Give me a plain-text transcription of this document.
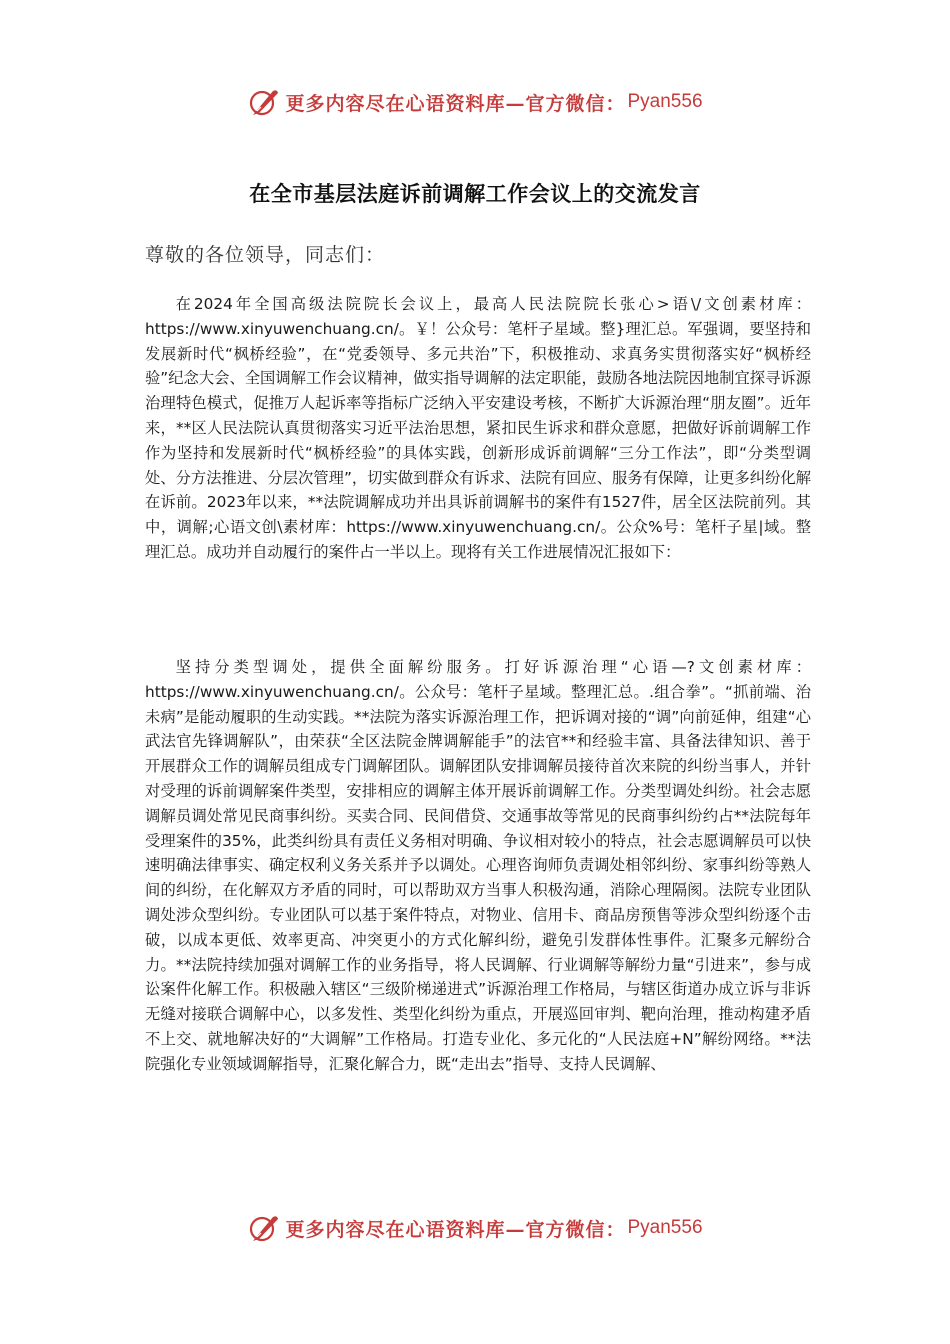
更多内容尽在心语资料库—官方微信： Pyan556
在全市基层法庭诉前调解工作会议上的交流发言
尊敬的各位领导，同志们：

在2024年全国高级法院院长会议上，最高人民法院院长张心>语\/文创素材库：https://www.xinyuwenchuang.cn/。￥！公众号：笔杆子星域。整}理汇总。军强调，要坚持和发展新时代“枫桥经验”，在“党委领导、多元共治”下，积极推动、求真务实贯彻落实好“枫桥经验”纪念大会、全国调解工作会议精神，做实指导调解的法定职能，鼓励各地法院因地制宜探寻诉源治理特色模式，促推万人起诉率等指标广泛纳入平安建设考核，不断扩大诉源治理“朋友圈”。近年来，**区人民法院认真贯彻落实习近平法治思想，紧扣民生诉求和群众意愿，把做好诉前调解工作作为坚持和发展新时代“枫桥经验”的具体实践，创新形成诉前调解“三分工作法”，即“分类型调处、分方法推进、分层次管理”，切实做到群众有诉求、法院有回应、服务有保障，让更多纠纷化解在诉前。2023年以来，**法院调解成功并出具诉前调解书的案件有1527件，居全区法院前列。其中，调解;心语文创\素材库：https://www.xinyuwenchuang.cn/。公众%号：笔杆子星|域。整理汇总。成功并自动履行的案件占一半以上。现将有关工作进展情况汇报如下：

坚持分类型调处，提供全面解纷服务。打好诉源治理“心语—?文创素材库：https://www.xinyuwenchuang.cn/。公众号：笔杆子星域。整理汇总。.组合拳”。“抓前端、治未病”是能动履职的生动实践。**法院为落实诉源治理工作，把诉调对接的“调”向前延伸，组建“心武法官先锋调解队”，由荣获“全区法院金牌调解能手”的法官**和经验丰富、具备法律知识、善于开展群众工作的调解员组成专门调解团队。调解团队安排调解员接待首次来院的纠纷当事人，并针对受理的诉前调解案件类型，安排相应的调解主体开展诉前调解工作。分类型调处纠纷。社会志愿调解员调处常见民商事纠纷。买卖合同、民间借贷、交通事故等常见的民商事纠纷约占**法院每年受理案件的35%，此类纠纷具有责任义务相对明确、争议相对较小的特点，社会志愿调解员可以快速明确法律事实、确定权利义务关系并予以调处。心理咨询师负责调处相邻纠纷、家事纠纷等熟人间的纠纷，在化解双方矛盾的同时，可以帮助双方当事人积极沟通，消除心理隔阂。法院专业团队调处涉众型纠纷。专业团队可以基于案件特点，对物业、信用卡、商品房预售等涉众型纠纷逐个击破，以成本更低、效率更高、冲突更小的方式化解纠纷，避免引发群体性事件。汇聚多元解纷合力。**法院持续加强对调解工作的业务指导，将人民调解、行业调解等解纷力量“引进来”，参与成讼案件化解工作。积极融入辖区“三级阶梯递进式”诉源治理工作格局，与辖区街道办成立诉与非诉无缝对接联合调解中心，以多发性、类型化纠纷为重点，开展巡回审判、靶向治理，推动构建矛盾不上交、就地解决好的“大调解”工作格局。打造专业化、多元化的“人民法庭+N”解纷网络。**法院强化专业领域调解指导，汇聚化解合力，既“走出去”指导、支持人民调解、

更多内容尽在心语资料库—官方微信： Pyan556
